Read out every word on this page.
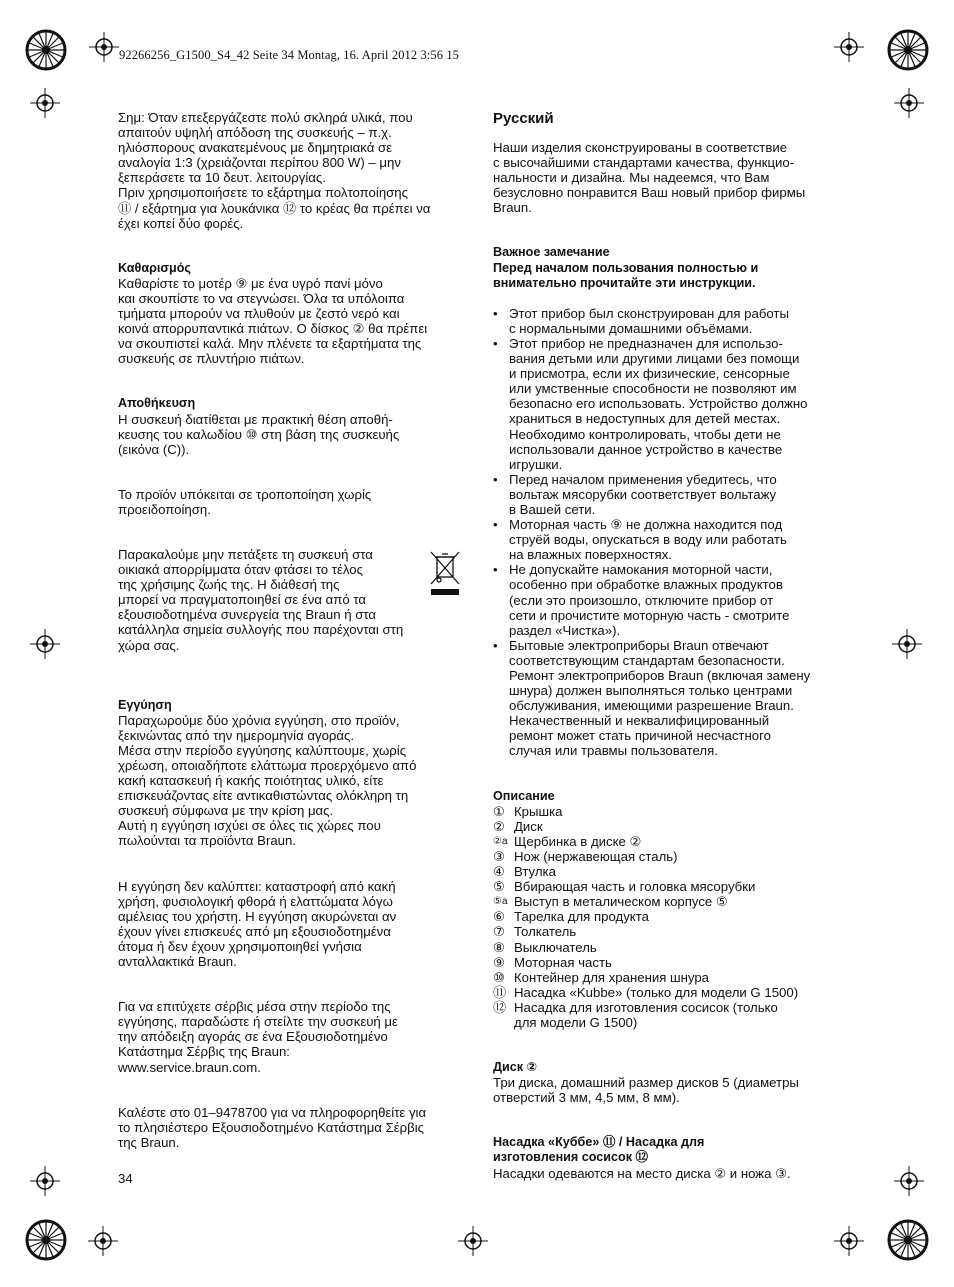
92266256_G1500_S4_42 Seite 34 Montag, 16. April 2012 3:56 15

Σημ: Όταν επεξεργάζεστε πολύ σκληρά υλικά, που
απαιτούν υψηλή απόδοση της συσκευής – π.χ.
ηλιόσπορους ανακατεμένους με δημητριακά σε
αναλογία 1:3 (χρειάζονται περίπου 800 W) – μην
ξεπεράσετε τα 10 δευτ. λειτουργίας.
Πριν χρησιμοποιήσετε το εξάρτημα πολτοποίησης
⑪ / εξάρτημα για λουκάνικα ⑫ το κρέας θα πρέπει να
έχει κοπεί δύο φορές.

Καθαρισμός

Καθαρίστε το μοτέρ ⑨ με ένα υγρό πανί μόνο
και σκουπίστε το να στεγνώσει. Όλα τα υπόλοιπα
τμήματα μπορούν να πλυθούν με ζεστό νερό και
κοινά απορρυπαντικά πιάτων. Ο δίσκος ② θα πρέπει
να σκουπιστεί καλά. Μην πλένετε τα εξαρτήματα της
συσκευής σε πλυντήριο πιάτων.

Αποθήκευση

Η συσκευή διατίθεται με πρακτική θέση αποθή-
κευσης του καλωδίου ⑩ στη βάση της συσκευής
(εικόνα (C)).

Το προϊόν υπόκειται σε τροποποίηση χωρίς
προειδοποίηση.

Παρακαλούμε μην πετάξετε τη συσκευή στα
οικιακά απορρίμματα όταν φτάσει το τέλος
της χρήσιμης ζωής της. Η διάθεσή της
μπορεί να πραγματοποιηθεί σε ένα από τα
εξουσιοδοτημένα συνεργεία της Braun ή στα
κατάλληλα σημεία συλλογής που παρέχονται στη
χώρα σας.

Εγγύηση

Παραχωρούμε δύο χρόνια εγγύηση, στο προϊόν,
ξεκινώντας από την ημερομηνία αγοράς.
Μέσα στην περίοδο εγγύησης καλύπτουμε, χωρίς
χρέωση, οποιαδήποτε ελάττωμα προερχόμενο από
κακή κατασκευή ή κακής ποιότητας υλικό, είτε
επισκευάζοντας είτε αντικαθιστώντας ολόκληρη τη
συσκευή σύμφωνα με την κρίση μας.
Αυτή η εγγύηση ισχύει σε όλες τις χώρες που
πωλούνται τα προϊόντα Braun.

Η εγγύηση δεν καλύπτει: καταστροφή από κακή
χρήση, φυσιολογική φθορά ή ελαττώματα λόγω
αμέλειας του χρήστη. Η εγγύηση ακυρώνεται αν
έχουν γίνει επισκευές από μη εξουσιοδοτημένα
άτομα ή δεν έχουν χρησιμοποιηθεί γνήσια
ανταλλακτικά Braun.

Για να επιτύχετε σέρβις μέσα στην περίοδο της
εγγύησης, παραδώστε ή στείλτε την συσκευή με
την απόδειξη αγοράς σε ένα Εξουσιοδοτημένο
Κατάστημα Σέρβις της Braun:
www.service.braun.com.

Καλέστε στο 01–9478700 για να πληροφορηθείτε για
το πλησιέστερο Εξουσιοδοτημένο Κατάστημα Σέρβις
της Braun.

Русский

Наши изделия сконструированы в соответствие
с высочайшими стандартами качества, функцио-
нальности и дизайна. Мы надеемся, что Вам
безусловно понравится Ваш новый прибор фирмы
Braun.

Важное замечание

Перед началом пользования полностью и

внимательно прочитайте эти инструкции.

• Этот прибор был сконструирован для работы
с нормальными домашними объёмами.
• Этот прибор не предназначен для использо-
вания детьми или другими лицами без помощи
и присмотра, если их физические, сенсорные
или умственные способности не позволяют им
безопасно его использовать. Устройство должно
храниться в недоступных для детей местах.
Необходимо контролировать, чтобы дети не
использовали данное устройство в качестве
игрушки.
• Перед началом применения убедитесь, что
вольтаж мясорубки соответствует вольтажу
в Вашей сети.
• Моторная часть ⑨ не должна находится под
струёй воды, опускаться в воду или работать
на влажных поверхностях.
• Не допускайте намокания моторной части,
особенно при обработке влажных продуктов
(если это произошло, отключите прибор от
сети и прочистите моторную часть - смотрите
раздел «Чистка»).
• Бытовые электроприборы Braun отвечают
соответствующим стандартам безопасности.
Ремонт электроприборов Braun (включая замену
шнура) должен выполняться только центрами
обслуживания, имеющими разрешение Braun.
Некачественный и неквалифицированный
ремонт может стать причиной несчастного
случая или травмы пользователя.

Описание

① Крышка
② Диск
②a Щербинка в диске ②
③ Нож (нержавеющая сталь)
④ Втулка
⑤ Вбирающая часть и головка мясорубки
⑤a Выступ в металическом корпусе ⑤
⑥ Тарелка для продукта
⑦ Толкатель
⑧ Выключатель
⑨ Моторная часть
⑩ Контейнер для хранения шнура
⑪ Насадка «Kubbe» (только для модели G 1500)
⑫ Насадка для изготовления сосисок (только
для модели G 1500)

Диск ②

Три диска, домашний размер дисков 5 (диаметры
отверстий 3 мм, 4,5 мм, 8 мм).

Насадка «Куббе» ⑪ / Насадка для

изготовления сосисок ⑫

Насадки одеваются на место диска ② и ножа ③.

34
